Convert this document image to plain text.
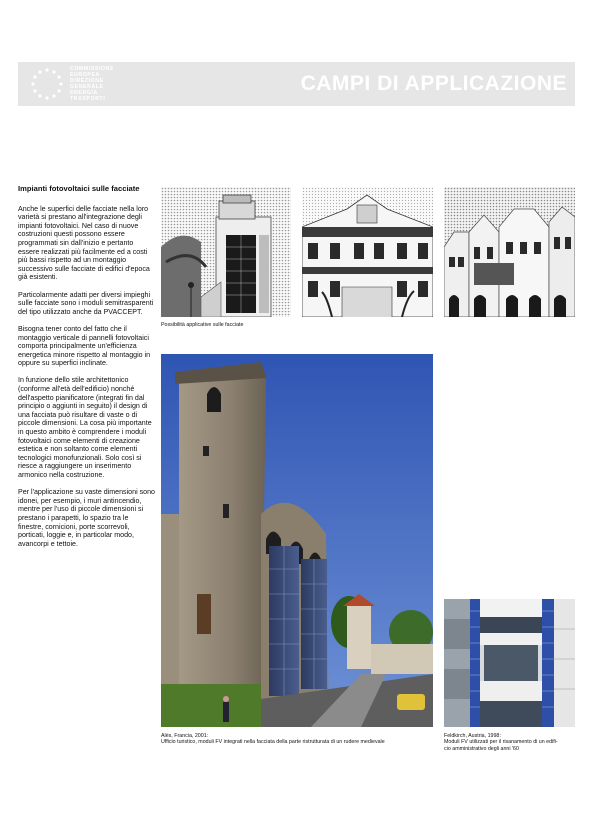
COMMISSIONE
EUROPEA
DIREZIONE
GENERALE
ENERGIA
TRASPORTI
CAMPI DI APPLICAZIONE
Impianti fotovoltaici sulle facciate

Anche le superfici delle facciate nella loro varietà si prestano all'integrazione degli impianti fotovoltaici. Nel caso di nuove costruzioni questi possono essere programmati sin dall'inizio e pertanto essere realizzati più facilmente ed a costi più bassi rispetto ad un montaggio successivo sulle facciate di edifici d'epoca già esistenti.

Particolarmente adatti per diversi impieghi sulle facciate sono i moduli semitrasparenti del tipo utilizzato anche da PVACCEPT.

Bisogna tener conto del fatto che il montaggio verticale di pannelli fotovoltaici comporta principalmente un'efficienza energetica minore rispetto al montaggio in oppure su superfici inclinate.

In funzione dello stile architettonico (conforme all'età dell'edificio) nonché dell'aspetto pianificatore (integrati fin dal principio o aggiunti in seguito) il design di una facciata può risultare di vaste o di piccole dimensioni. La cosa più importante in questo ambito è comprendere i moduli fotovoltaici come elementi di creazione estetica e non soltanto come elementi tecnologici monofunzionali. Solo così si riesce a raggiungere un inserimento armonico nella costruzione.

Per l'applicazione su vaste dimensioni sono idonei, per esempio, i muri antincendio, mentre per l'uso di piccole dimensioni si prestano i parapetti, lo spazio tra le finestre, cornicioni, porte scorrevoli, porticati, loggie e, in particolar modo, avancorpi e tettoie.

Possibilità applicative sulle facciate
Alès, Francia, 2001:
Ufficio turistico, moduli FV integrati nella facciata della parte ristrutturata di un rudere medievale
Feldkirch, Austria, 1998:
Moduli FV utilizzati per il risanamento di un edifi-
cio amministrativo degli anni '60
